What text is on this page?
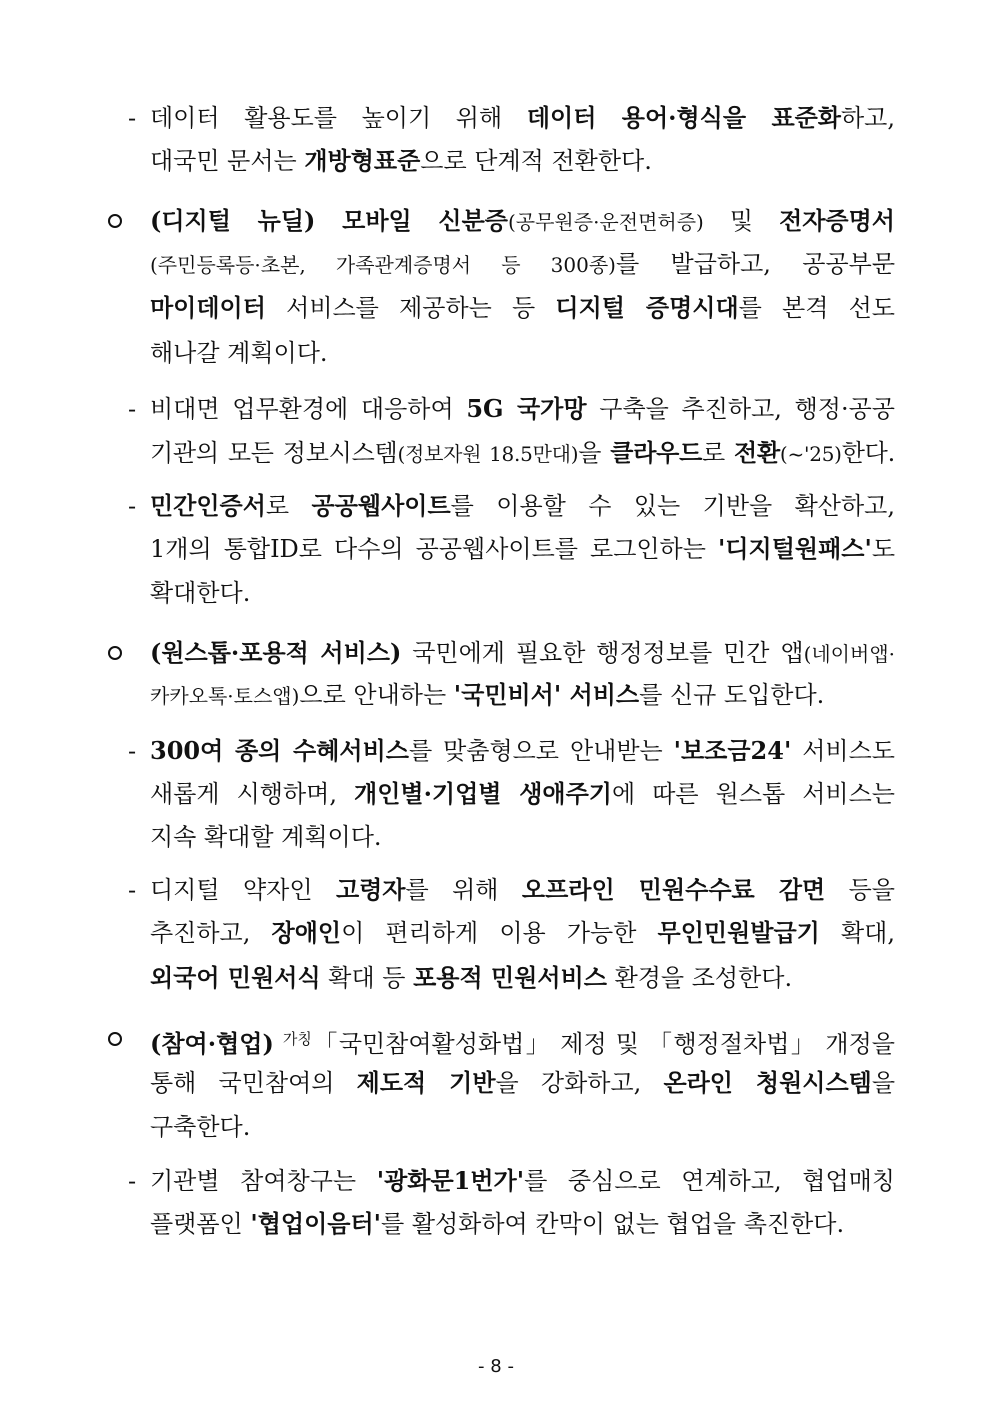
- 데이터 활용도를 높이기 위해 데이터 용어·형식을 표준화하고,
대국민 문서는 개방형표준으로 단계적 전환한다.
(디지털 뉴딜) 모바일 신분증(공무원증·운전면허증) 및 전자증명서
(주민등록등·초본, 가족관계증명서 등 300종)를 발급하고, 공공부문
마이데이터 서비스를 제공하는 등 디지털 증명시대를 본격 선도
해나갈 계획이다.
- 비대면 업무환경에 대응하여 5G 국가망 구축을 추진하고, 행정·공공
기관의 모든 정보시스템(정보자원 18.5만대)을 클라우드로 전환(~'25)한다.
- 민간인증서로 공공웹사이트를 이용할 수 있는 기반을 확산하고,
1개의 통합ID로 다수의 공공웹사이트를 로그인하는 '디지털원패스'도
확대한다.
(원스톱·포용적 서비스) 국민에게 필요한 행정정보를 민간 앱(네이버앱·
카카오톡·토스앱)으로 안내하는 '국민비서' 서비스를 신규 도입한다.
- 300여 종의 수혜서비스를 맞춤형으로 안내받는 '보조금24' 서비스도
새롭게 시행하며, 개인별·기업별 생애주기에 따른 원스톱 서비스는
지속 확대할 계획이다.
- 디지털 약자인 고령자를 위해 오프라인 민원수수료 감면 등을
추진하고, 장애인이 편리하게 이용 가능한 무인민원발급기 확대,
외국어 민원서식 확대 등 포용적 민원서비스 환경을 조성한다.
(참여·협업) $^{가칭}$「국민참여활성화법」 제정 및 「행정절차법」 개정을
통해 국민참여의 제도적 기반을 강화하고, 온라인 청원시스템을
구축한다.
- 기관별 참여창구는 '광화문1번가'를 중심으로 연계하고, 협업매칭
플랫폼인 '협업이음터'를 활성화하여 칸막이 없는 협업을 촉진한다.
- 8 -
